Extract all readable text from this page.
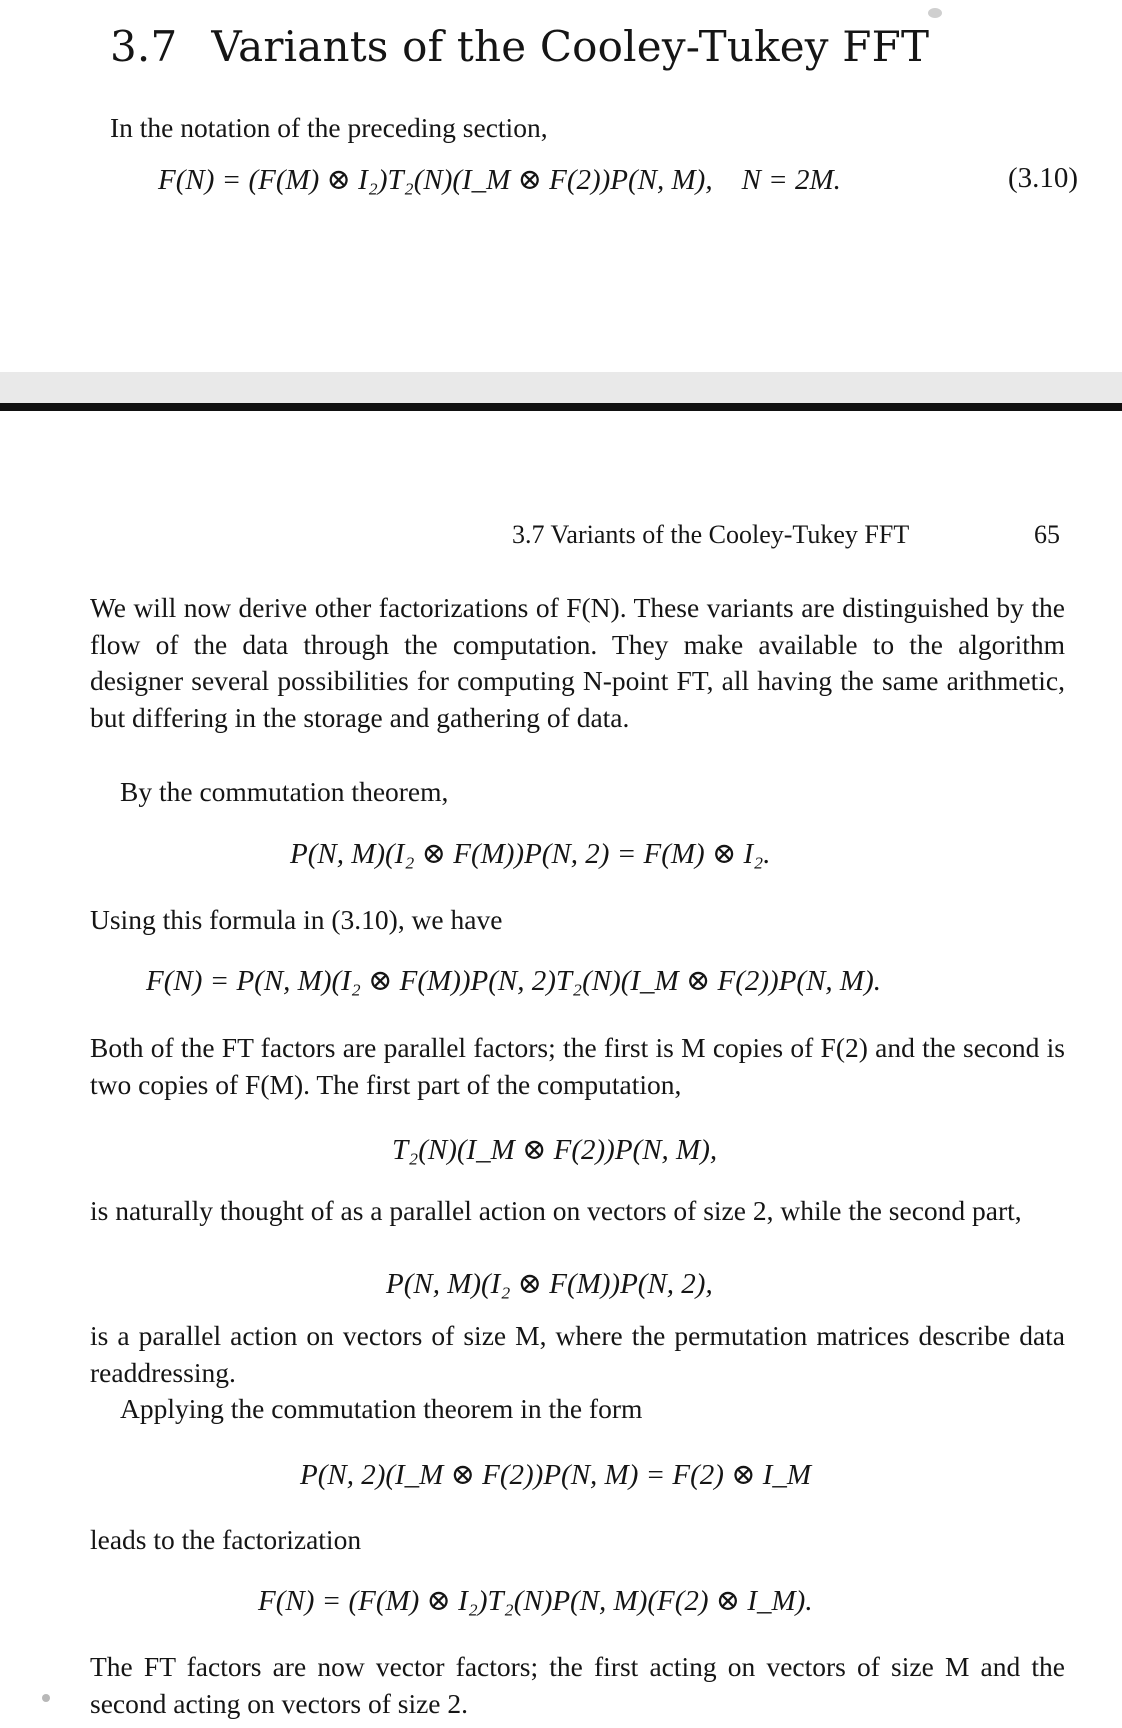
3.7 Variants of the Cooley-Tukey FFT
In the notation of the preceding section,
F(N) = (F(M) ⊗ I₂)T₂(N)(I_M ⊗ F(2))P(N, M),    N = 2M.	(3.10)
3.7 Variants of the Cooley-Tukey FFT	65
We will now derive other factorizations of F(N). These variants are distinguished by the flow of the data through the computation. They make available to the algorithm designer several possibilities for computing N-point FT, all having the same arithmetic, but differing in the storage and gathering of data.
By the commutation theorem,
P(N, M)(I₂ ⊗ F(M))P(N, 2) = F(M) ⊗ I₂.
Using this formula in (3.10), we have
F(N) = P(N, M)(I₂ ⊗ F(M))P(N, 2)T₂(N)(I_M ⊗ F(2))P(N, M).
Both of the FT factors are parallel factors; the first is M copies of F(2) and the second is two copies of F(M). The first part of the computation,
T₂(N)(I_M ⊗ F(2))P(N, M),
is naturally thought of as a parallel action on vectors of size 2, while the second part,
P(N, M)(I₂ ⊗ F(M))P(N, 2),
is a parallel action on vectors of size M, where the permutation matrices describe data readdressing.
Applying the commutation theorem in the form
P(N, 2)(I_M ⊗ F(2))P(N, M) = F(2) ⊗ I_M
leads to the factorization
F(N) = (F(M) ⊗ I₂)T₂(N)P(N, M)(F(2) ⊗ I_M).
The FT factors are now vector factors; the first acting on vectors of size M and the second acting on vectors of size 2.
